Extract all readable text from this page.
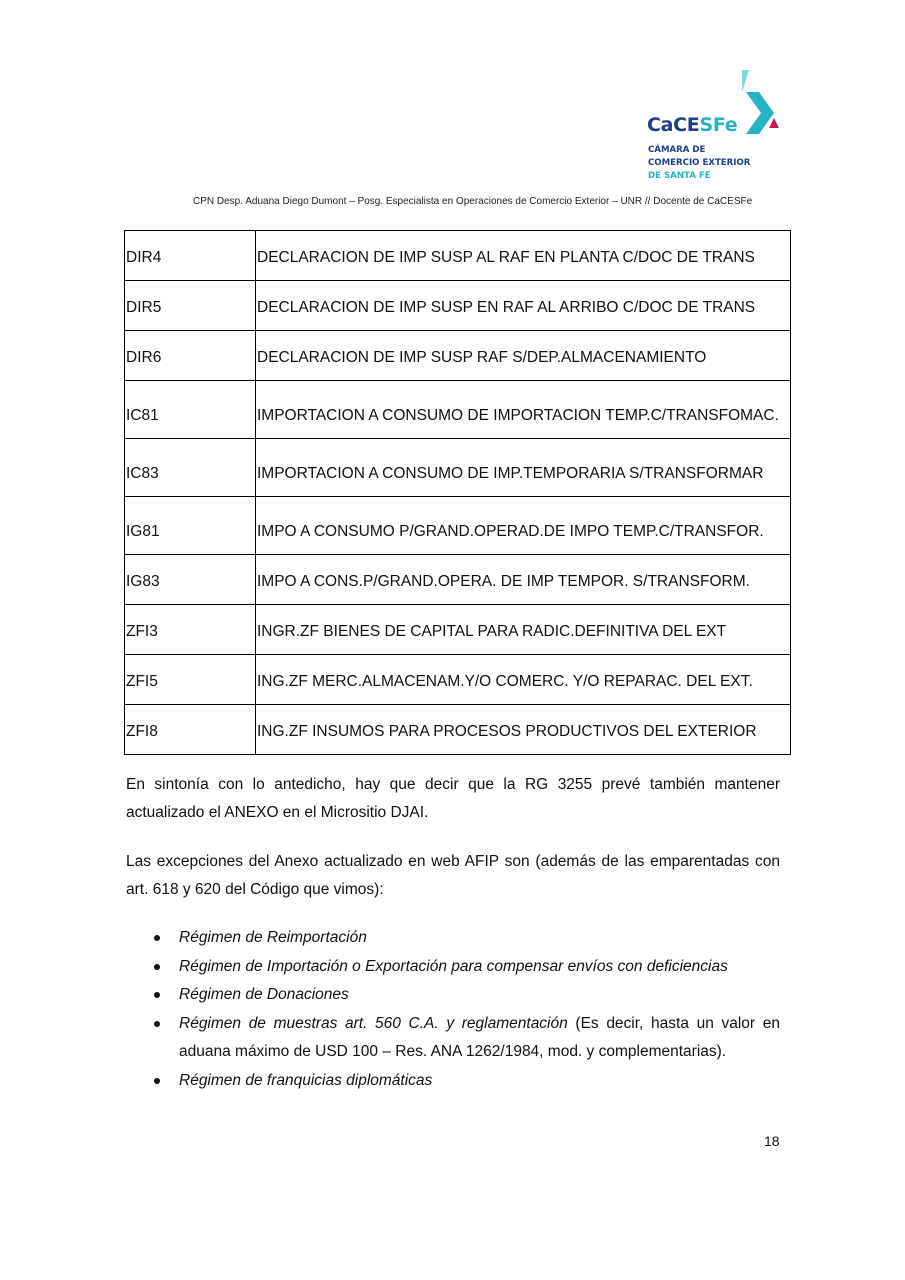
CaCESFe
CÁMARA DE
COMERCIO EXTERIOR
DE SANTA FE
CPN Desp. Aduana Diego Dumont – Posg. Especialista en Operaciones de Comercio Exterior – UNR // Docente de CaCESFe
DIR4	DECLARACION DE IMP SUSP AL RAF EN PLANTA C/DOC DE TRANS
DIR5	DECLARACION DE IMP SUSP EN RAF AL ARRIBO C/DOC DE TRANS
DIR6	DECLARACION DE IMP SUSP RAF S/DEP.ALMACENAMIENTO
IC81	IMPORTACION A CONSUMO DE IMPORTACION TEMP.C/TRANSFOMAC.
IC83	IMPORTACION A CONSUMO DE IMP.TEMPORARIA S/TRANSFORMAR
IG81	IMPO A CONSUMO P/GRAND.OPERAD.DE IMPO TEMP.C/TRANSFOR.
IG83	IMPO A CONS.P/GRAND.OPERA. DE IMP TEMPOR. S/TRANSFORM.
ZFI3	INGR.ZF BIENES DE CAPITAL PARA RADIC.DEFINITIVA DEL EXT
ZFI5	ING.ZF MERC.ALMACENAM.Y/O COMERC. Y/O REPARAC. DEL EXT.
ZFI8	ING.ZF INSUMOS PARA PROCESOS PRODUCTIVOS DEL EXTERIOR

En sintonía con lo antedicho, hay que decir que la RG 3255 prevé también mantener actualizado el ANEXO en el Micrositio DJAI.

Las excepciones del Anexo actualizado en web AFIP son (además de las emparentadas con art. 618 y 620 del Código que vimos):

Régimen de Reimportación
Régimen de Importación o Exportación para compensar envíos con deficiencias
Régimen de Donaciones
Régimen de muestras art. 560 C.A. y reglamentación (Es decir, hasta un valor en aduana máximo de USD 100 – Res. ANA 1262/1984, mod. y complementarias).
Régimen de franquicias diplomáticas
18
